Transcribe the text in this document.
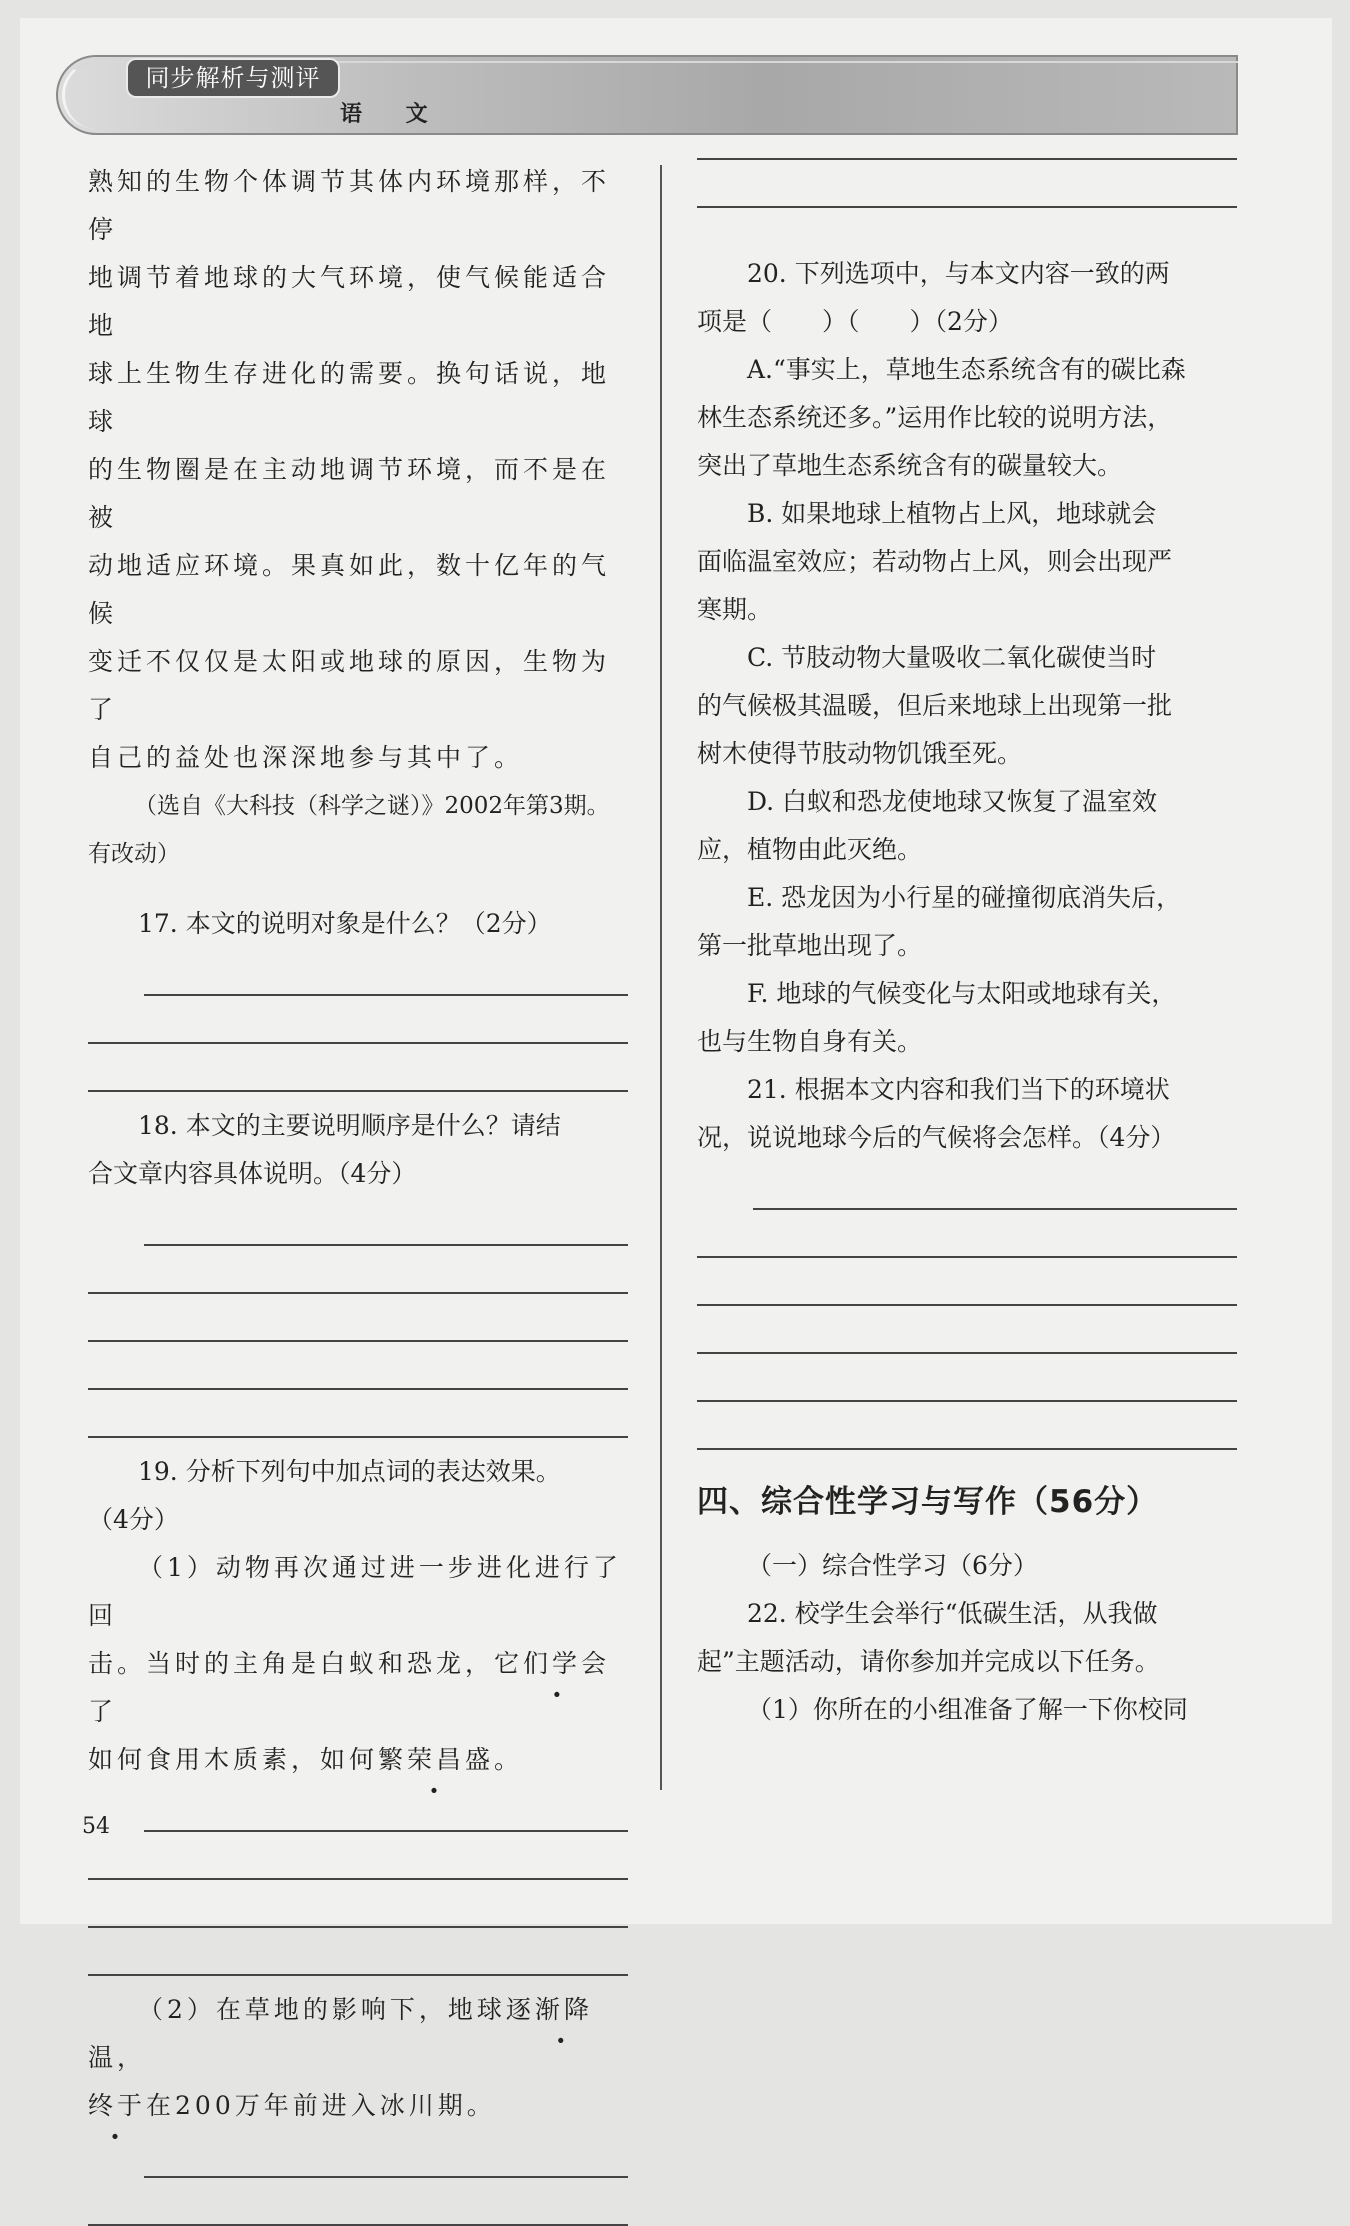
同步解析与测评
语 文

熟知的生物个体调节其体内环境那样，不停

地调节着地球的大气环境，使气候能适合地

球上生物生存进化的需要。换句话说，地球

的生物圈是在主动地调节环境，而不是在被

动地适应环境。果真如此，数十亿年的气候

变迁不仅仅是太阳或地球的原因，生物为了

自己的益处也深深地参与其中了。

（选自《大科技（科学之谜）》2002年第3期。

有改动）

17. 本文的说明对象是什么？（2分）

18. 本文的主要说明顺序是什么？请结

合文章内容具体说明。（4分）

19. 分析下列句中加点词的表达效果。

（4分）

（1）动物再次通过进一步进化进行了回

击。当时的主角是白蚁和恐龙，它们学会了 ·

如何食用木质素，如何繁荣昌盛。

（2）在草地的影响下，地球逐渐降温，

终于在200万年前进入冰川期。

20. 下列选项中，与本文内容一致的两

项是（　　）（　　）（2分）

A.“事实上，草地生态系统含有的碳比森

林生态系统还多。”运用作比较的说明方法，

突出了草地生态系统含有的碳量较大。

B. 如果地球上植物占上风，地球就会

面临温室效应；若动物占上风，则会出现严

寒期。

C. 节肢动物大量吸收二氧化碳使当时

的气候极其温暖，但后来地球上出现第一批

树木使得节肢动物饥饿至死。

D. 白蚁和恐龙使地球又恢复了温室效

应，植物由此灭绝。

E. 恐龙因为小行星的碰撞彻底消失后，

第一批草地出现了。

F. 地球的气候变化与太阳或地球有关，

也与生物自身有关。

21. 根据本文内容和我们当下的环境状

况，说说地球今后的气候将会怎样。（4分）

四、综合性学习与写作（56分）

（一）综合性学习（6分）

22. 校学生会举行“低碳生活，从我做

起”主题活动，请你参加并完成以下任务。

（1）你所在的小组准备了解一下你校同

54
